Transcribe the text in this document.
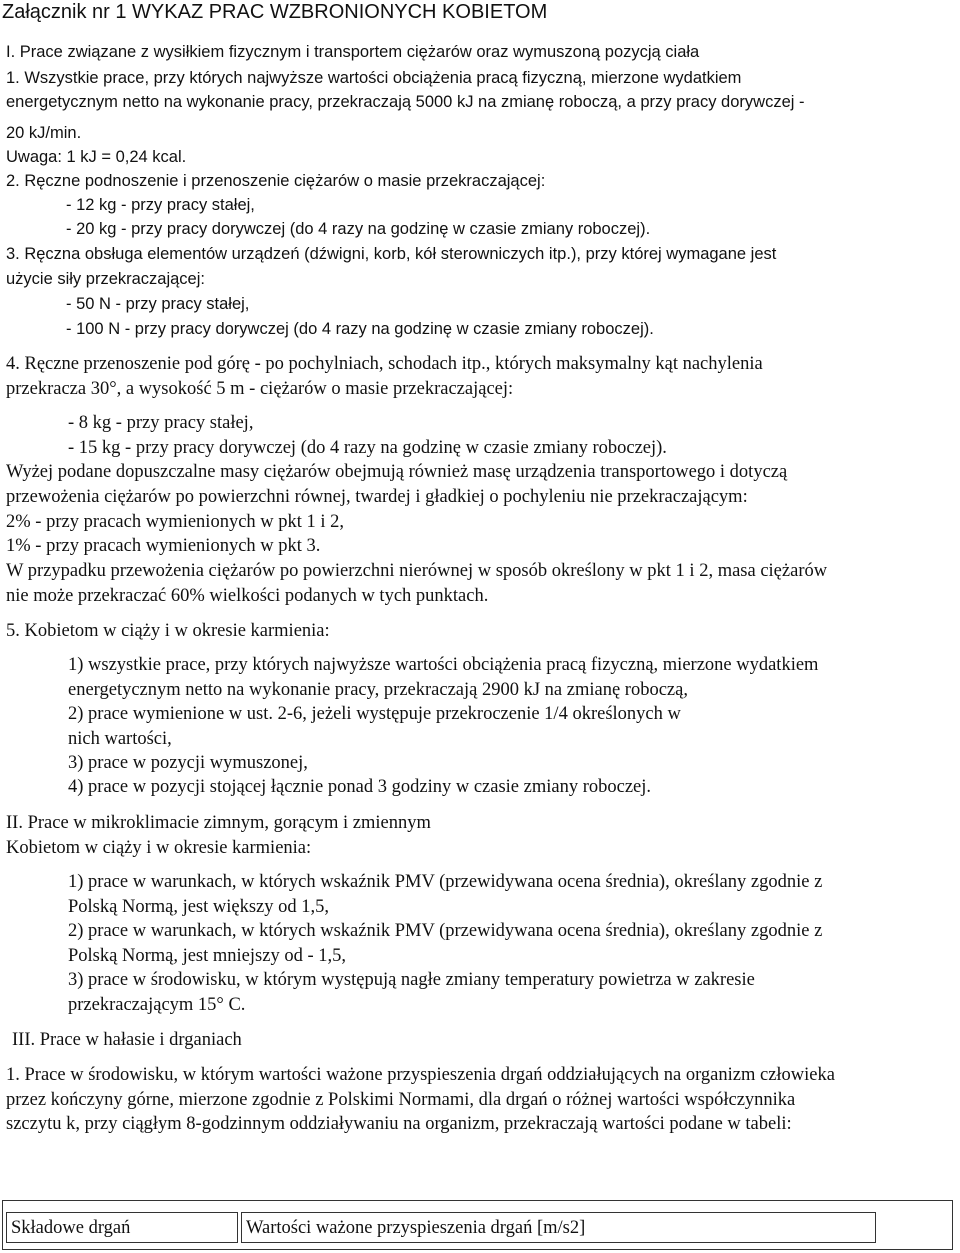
Załącznik nr 1 WYKAZ PRAC WZBRONIONYCH KOBIETOM
I. Prace związane z wysiłkiem fizycznym i transportem ciężarów oraz wymuszoną pozycją ciała
1. Wszystkie prace, przy których najwyższe wartości obciążenia pracą fizyczną, mierzone wydatkiem
energetycznym netto na wykonanie pracy, przekraczają 5000 kJ na zmianę roboczą, a przy pracy dorywczej -
20 kJ/min.
Uwaga: 1 kJ = 0,24 kcal.
2. Ręczne podnoszenie i przenoszenie ciężarów o masie przekraczającej:
- 12 kg - przy pracy stałej,
- 20 kg - przy pracy dorywczej (do 4 razy na godzinę w czasie zmiany roboczej).
3. Ręczna obsługa elementów urządzeń (dźwigni, korb, kół sterowniczych itp.), przy której wymagane jest
użycie siły przekraczającej:
- 50 N - przy pracy stałej,
- 100 N - przy pracy dorywczej (do 4 razy na godzinę w czasie zmiany roboczej).
4. Ręczne przenoszenie pod górę - po pochylniach, schodach itp., których maksymalny kąt nachylenia
przekracza 30°, a wysokość 5 m - ciężarów o masie przekraczającej:
- 8 kg - przy pracy stałej,
- 15 kg - przy pracy dorywczej (do 4 razy na godzinę w czasie zmiany roboczej).
Wyżej podane dopuszczalne masy ciężarów obejmują również masę urządzenia transportowego i dotyczą
przewożenia ciężarów po powierzchni równej, twardej i gładkiej o pochyleniu nie przekraczającym:
2% - przy pracach wymienionych w pkt 1 i 2,
1% - przy pracach wymienionych w pkt 3.
W przypadku przewożenia ciężarów po powierzchni nierównej w sposób określony w pkt 1 i 2, masa ciężarów
nie może przekraczać 60% wielkości podanych w tych punktach.
5. Kobietom w ciąży i w okresie karmienia:
1) wszystkie prace, przy których najwyższe wartości obciążenia pracą fizyczną, mierzone wydatkiem
energetycznym netto na wykonanie pracy, przekraczają 2900 kJ na zmianę roboczą,
2) prace wymienione w ust. 2-6, jeżeli występuje przekroczenie 1/4 określonych w
nich wartości,
3) prace w pozycji wymuszonej,
4) prace w pozycji stojącej łącznie ponad 3 godziny w czasie zmiany roboczej.
II. Prace w mikroklimacie zimnym, gorącym i zmiennym
Kobietom w ciąży i w okresie karmienia:
1) prace w warunkach, w których wskaźnik PMV (przewidywana ocena średnia), określany zgodnie z
Polską Normą, jest większy od 1,5,
2) prace w warunkach, w których wskaźnik PMV (przewidywana ocena średnia), określany zgodnie z
Polską Normą, jest mniejszy od - 1,5,
3) prace w środowisku, w którym występują nagłe zmiany temperatury powietrza w zakresie
przekraczającym 15° C.
III. Prace w hałasie i drganiach
1. Prace w środowisku, w którym wartości ważone przyspieszenia drgań oddziałujących na organizm człowieka
przez kończyny górne, mierzone zgodnie z Polskimi Normami, dla drgań o różnej wartości współczynnika
szczytu k, przy ciągłym 8-godzinnym oddziaływaniu na organizm, przekraczają wartości podane w tabeli:
Składowe drgań	Wartości ważone przyspieszenia drgań [m/s2]
